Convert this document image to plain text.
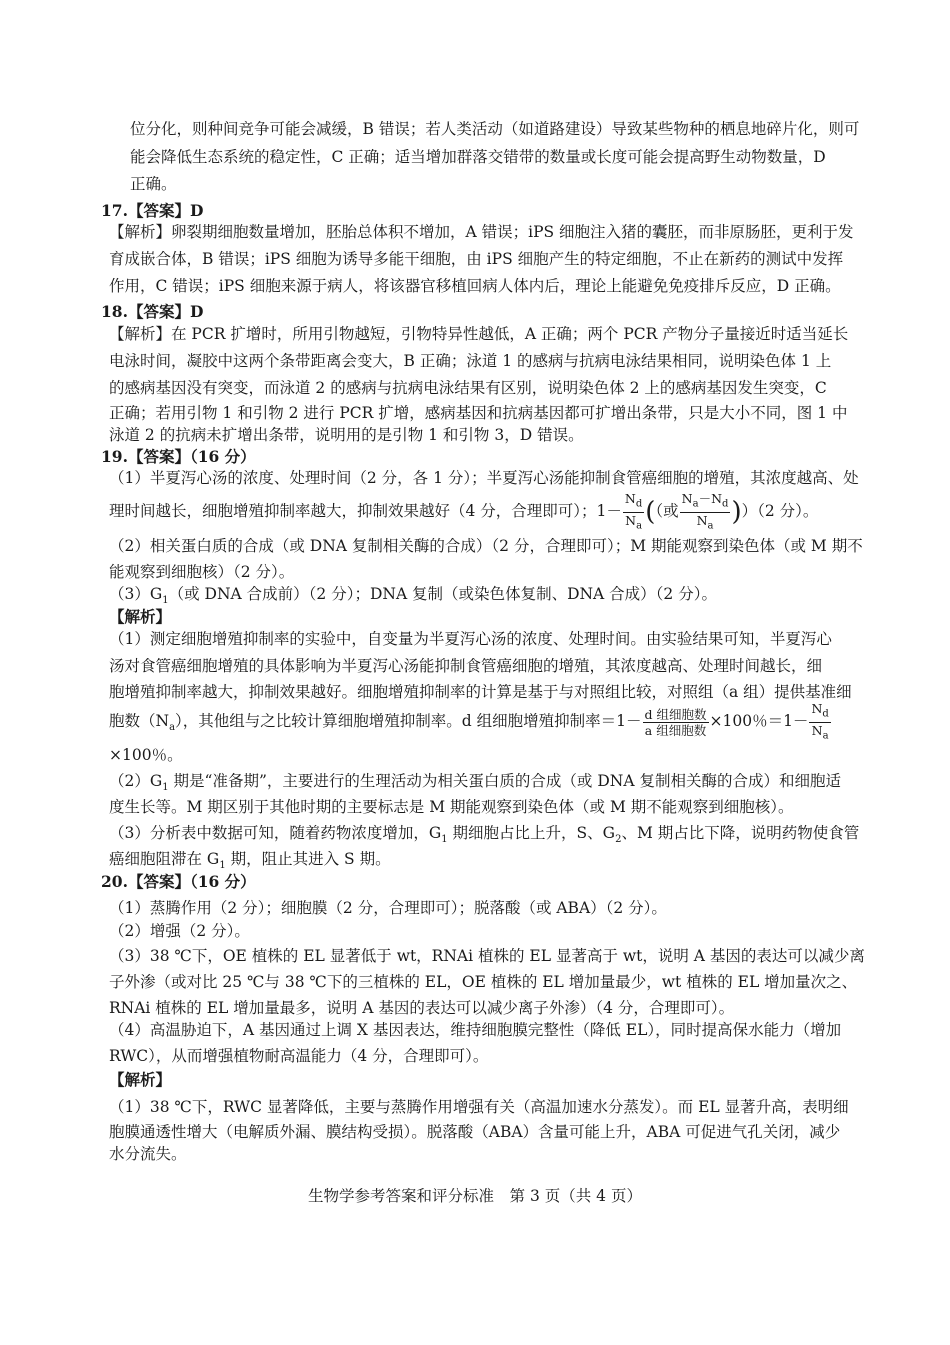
位分化，则种间竞争可能会减缓，B 错误；若人类活动（如道路建设）导致某些物种的栖息地碎片化，则可
能会降低生态系统的稳定性，C 正确；适当增加群落交错带的数量或长度可能会提高野生动物数量，D
正确。
17.【答案】D
【解析】卵裂期细胞数量增加，胚胎总体积不增加，A 错误；iPS 细胞注入猪的囊胚，而非原肠胚，更利于发
育成嵌合体，B 错误；iPS 细胞为诱导多能干细胞，由 iPS 细胞产生的特定细胞，不止在新药的测试中发挥
作用，C 错误；iPS 细胞来源于病人，将该器官移植回病人体内后，理论上能避免免疫排斥反应，D 正确。
18.【答案】D
【解析】在 PCR 扩增时，所用引物越短，引物特异性越低，A 正确；两个 PCR 产物分子量接近时适当延长
电泳时间，凝胶中这两个条带距离会变大，B 正确；泳道 1 的感病与抗病电泳结果相同，说明染色体 1 上
的感病基因没有突变，而泳道 2 的感病与抗病电泳结果有区别，说明染色体 2 上的感病基因发生突变，C
正确；若用引物 1 和引物 2 进行 PCR 扩增，感病基因和抗病基因都可扩增出条带，只是大小不同，图 1 中
泳道 2 的抗病未扩增出条带，说明用的是引物 1 和引物 3，D 错误。
19.【答案】（16 分）
（1）半夏泻心汤的浓度、处理时间（2 分，各 1 分）；半夏泻心汤能抑制食管癌细胞的增殖，其浓度越高、处
理时间越长，细胞增殖抑制率越大，抑制效果越好（4 分，合理即可）；$1- \frac{N_d}{N_a}$ (（或 $\frac{N_a-N_d}{N_a} ))(2$ 分）。
（2）相关蛋白质的合成（或 DNA 复制相关酶的合成）（2 分，合理即可）；M 期能观察到染色体（或 M 期不
能观察到细胞核）（2 分）。
$(3)G_1$（或 DNA 合成前）（2 分）；DNA 复制（或染色体复制、DNA 合成）（2 分）。
【解析】
（1）测定细胞增殖抑制率的实验中，自变量为半夏泻心汤的浓度、处理时间。由实验结果可知，半夏泻心
汤对食管癌细胞增殖的具体影响为半夏泻心汤能抑制食管癌细胞的增殖，其浓度越高、处理时间越长，细
胞增殖抑制率越大，抑制效果越好。细胞增殖抑制率的计算是基于与对照组比较，对照组（a 组）提供基准细
胞数$(N_a)$，其他组与之比较计算细胞增殖抑制率。d 组细胞增殖抑制率$=1- \frac{\text{d 组细胞数}}{\text{a 组细胞数}} \times 100$％$=1- \frac{N_d}{N_a}$
×100％。
$(2)G_1$ 期是“准备期”，主要进行的生理活动为相关蛋白质的合成（或 DNA 复制相关酶的合成）和细胞适
度生长等。M 期区别于其他时期的主要标志是 M 期能观察到染色体（或 M 期不能观察到细胞核）。
（3）分析表中数据可知，随着药物浓度增加，$G_1$ 期细胞占比上升，S、$G_2$、M 期占比下降，说明药物使食管
癌细胞阻滞在 $G_1$ 期，阻止其进入 S 期。
20.【答案】（16 分）
（1）蒸腾作用（2 分）；细胞膜（2 分，合理即可）；脱落酸（或 ABA）（2 分）。
（2）增强（2 分）。
（3）38 ℃下，OE 植株的 EL 显著低于 wt，RNAi 植株的 EL 显著高于 wt，说明 A 基因的表达可以减少离
子外渗（或对比 25 ℃与 38 ℃下的三植株的 EL，OE 植株的 EL 增加量最少，wt 植株的 EL 增加量次之、
RNAi 植株的 EL 增加量最多，说明 A 基因的表达可以减少离子外渗）（4 分，合理即可）。
（4）高温胁迫下，A 基因通过上调 X 基因表达，维持细胞膜完整性（降低 EL），同时提高保水能力（增加
RWC），从而增强植物耐高温能力（4 分，合理即可）。
【解析】
（1）38 ℃下，RWC 显著降低，主要与蒸腾作用增强有关（高温加速水分蒸发）。而 EL 显著升高，表明细
胞膜通透性增大（电解质外漏、膜结构受损）。脱落酸（ABA）含量可能上升，ABA 可促进气孔关闭，减少
水分流失。
生物学参考答案和评分标准　第 3 页（共 4 页）
